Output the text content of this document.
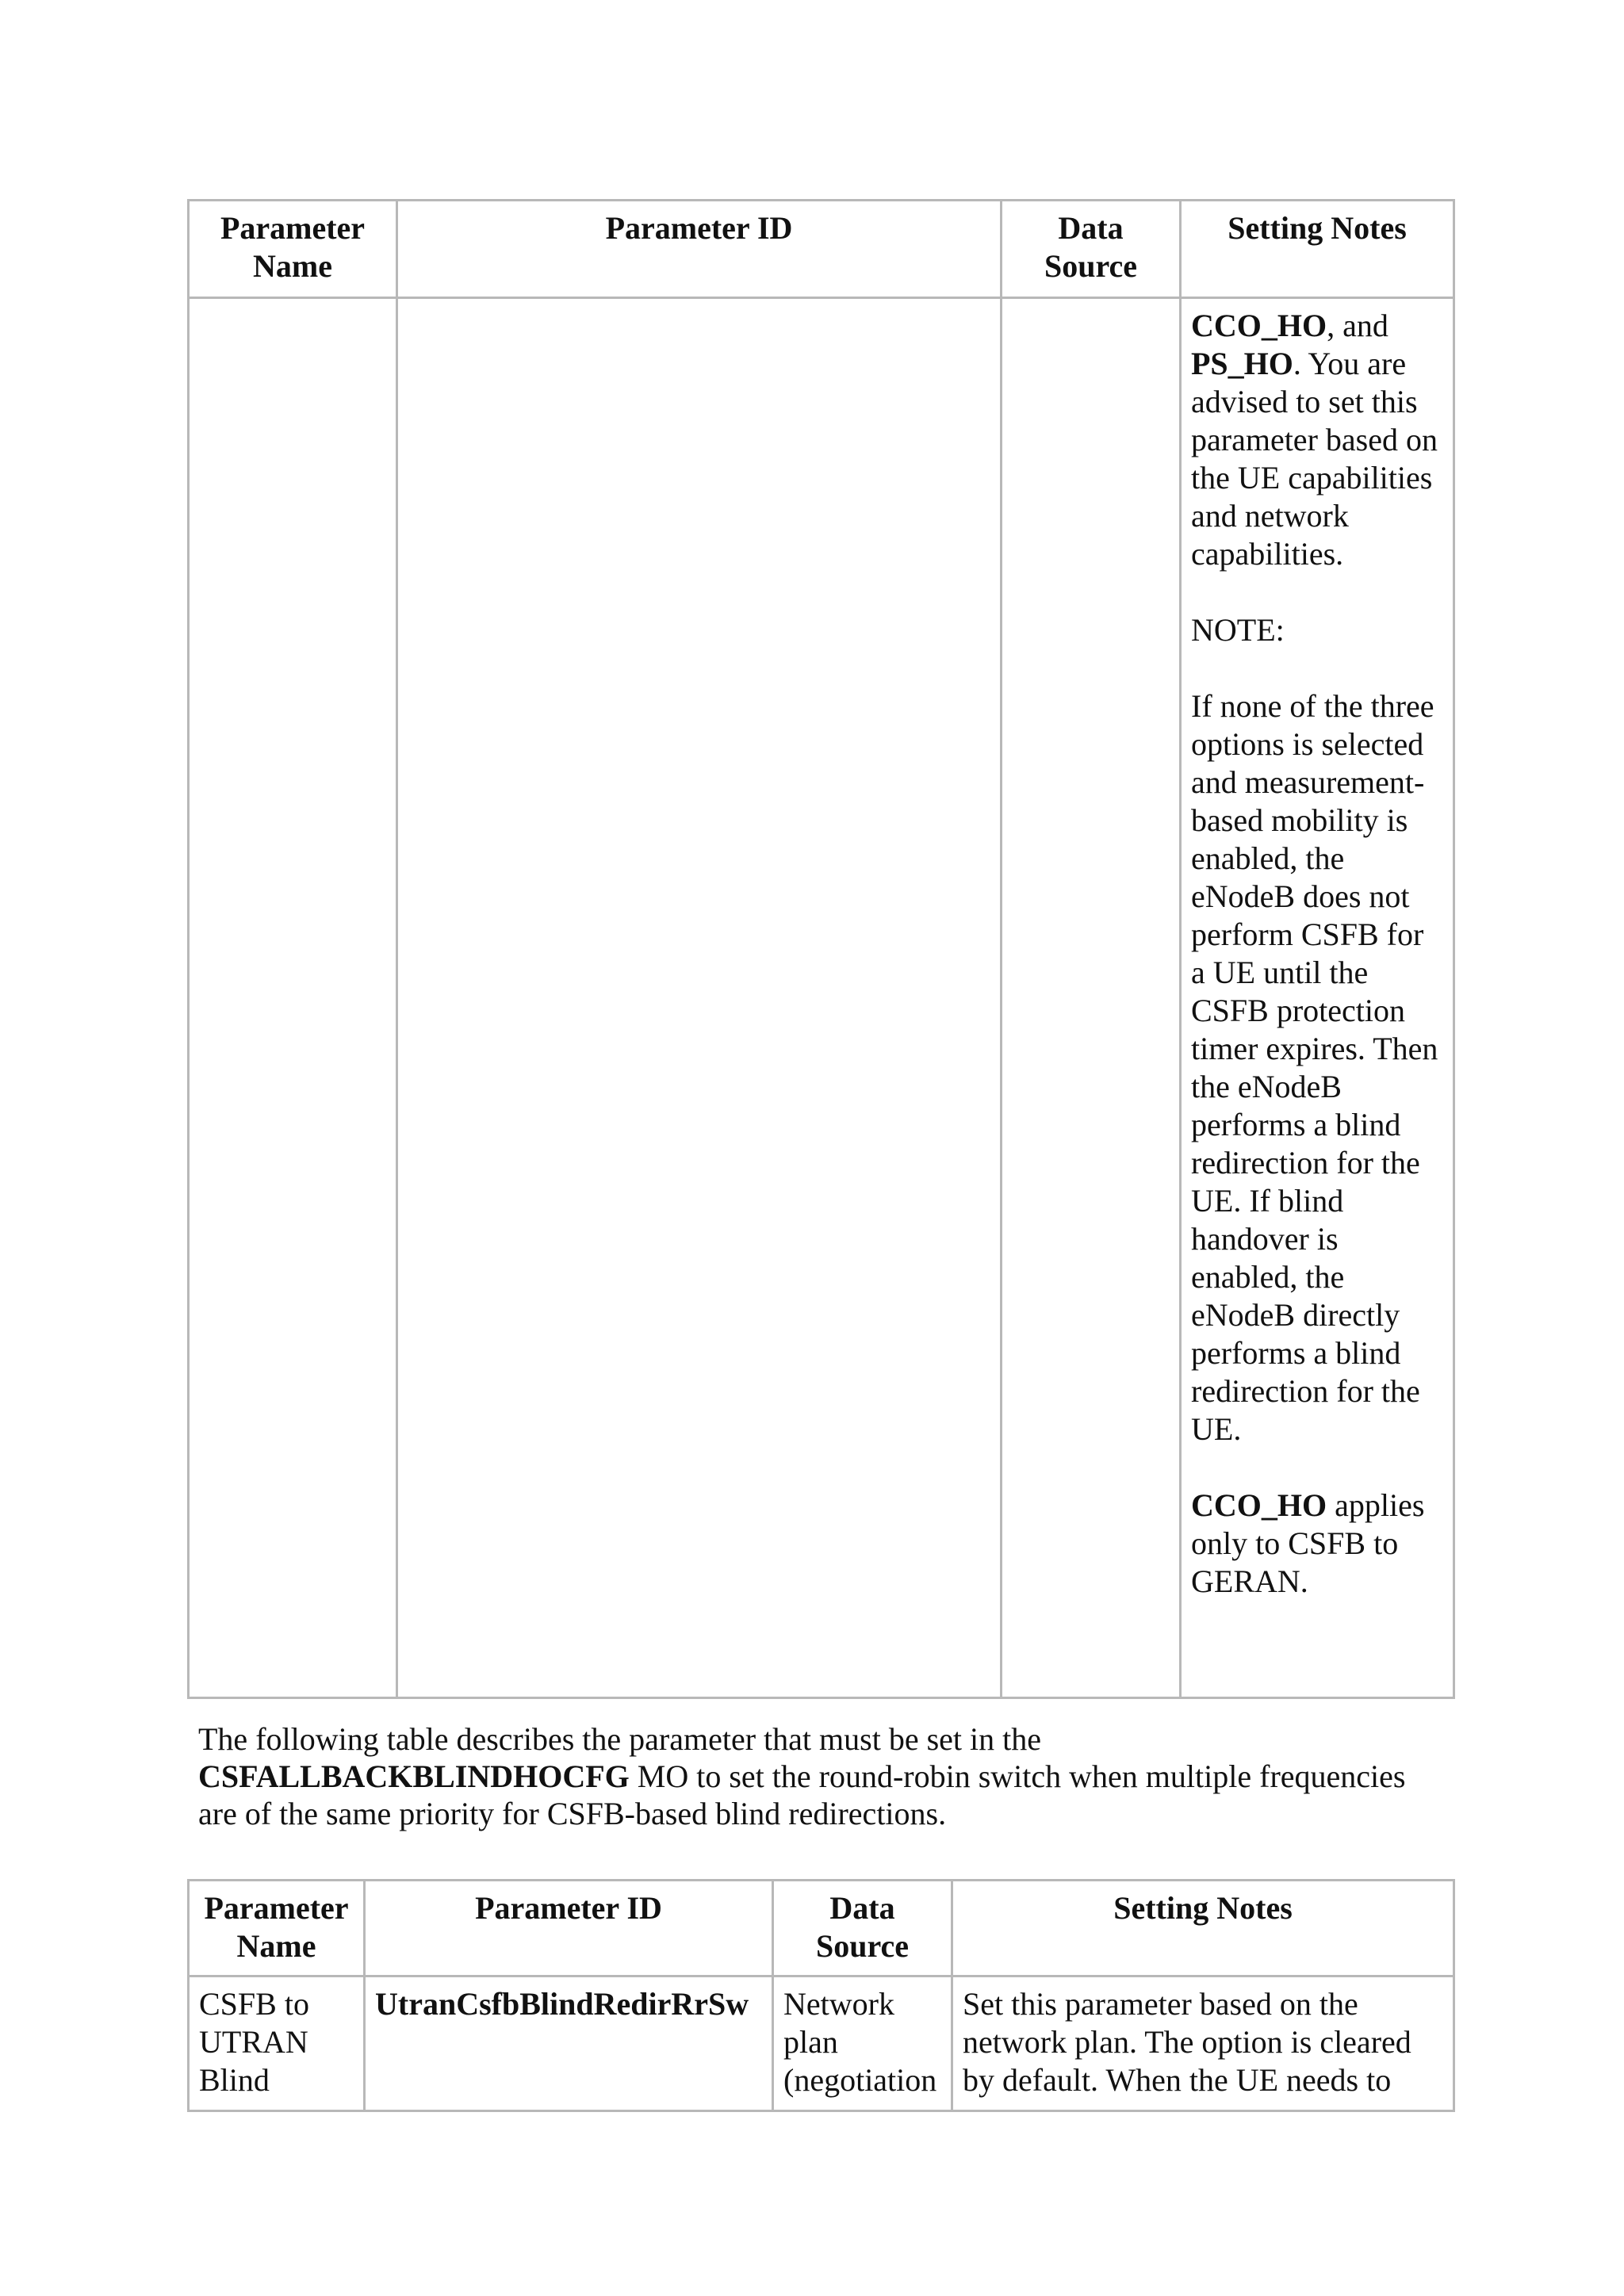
Parameter Name	Parameter ID	Data Source	Setting Notes

			CCO_HO, and PS_HO. You are advised to set this parameter based on the UE capabilities and network capabilities.

NOTE:

If none of the three options is selected and measurement-based mobility is enabled, the eNodeB does not perform CSFB for a UE until the CSFB protection timer expires. Then the eNodeB performs a blind redirection for the UE. If blind handover is enabled, the eNodeB directly performs a blind redirection for the UE.

CCO_HO applies only to CSFB to GERAN.

The following table describes the parameter that must be set in the CSFALLBACKBLINDHOCFG MO to set the round-robin switch when multiple frequencies are of the same priority for CSFB-based blind redirections.

Parameter Name	Parameter ID	Data Source	Setting Notes
CSFB to UTRAN Blind	UtranCsfbBlindRedirRrSw	Network plan (negotiation	Set this parameter based on the network plan. The option is cleared by default. When the UE needs to
